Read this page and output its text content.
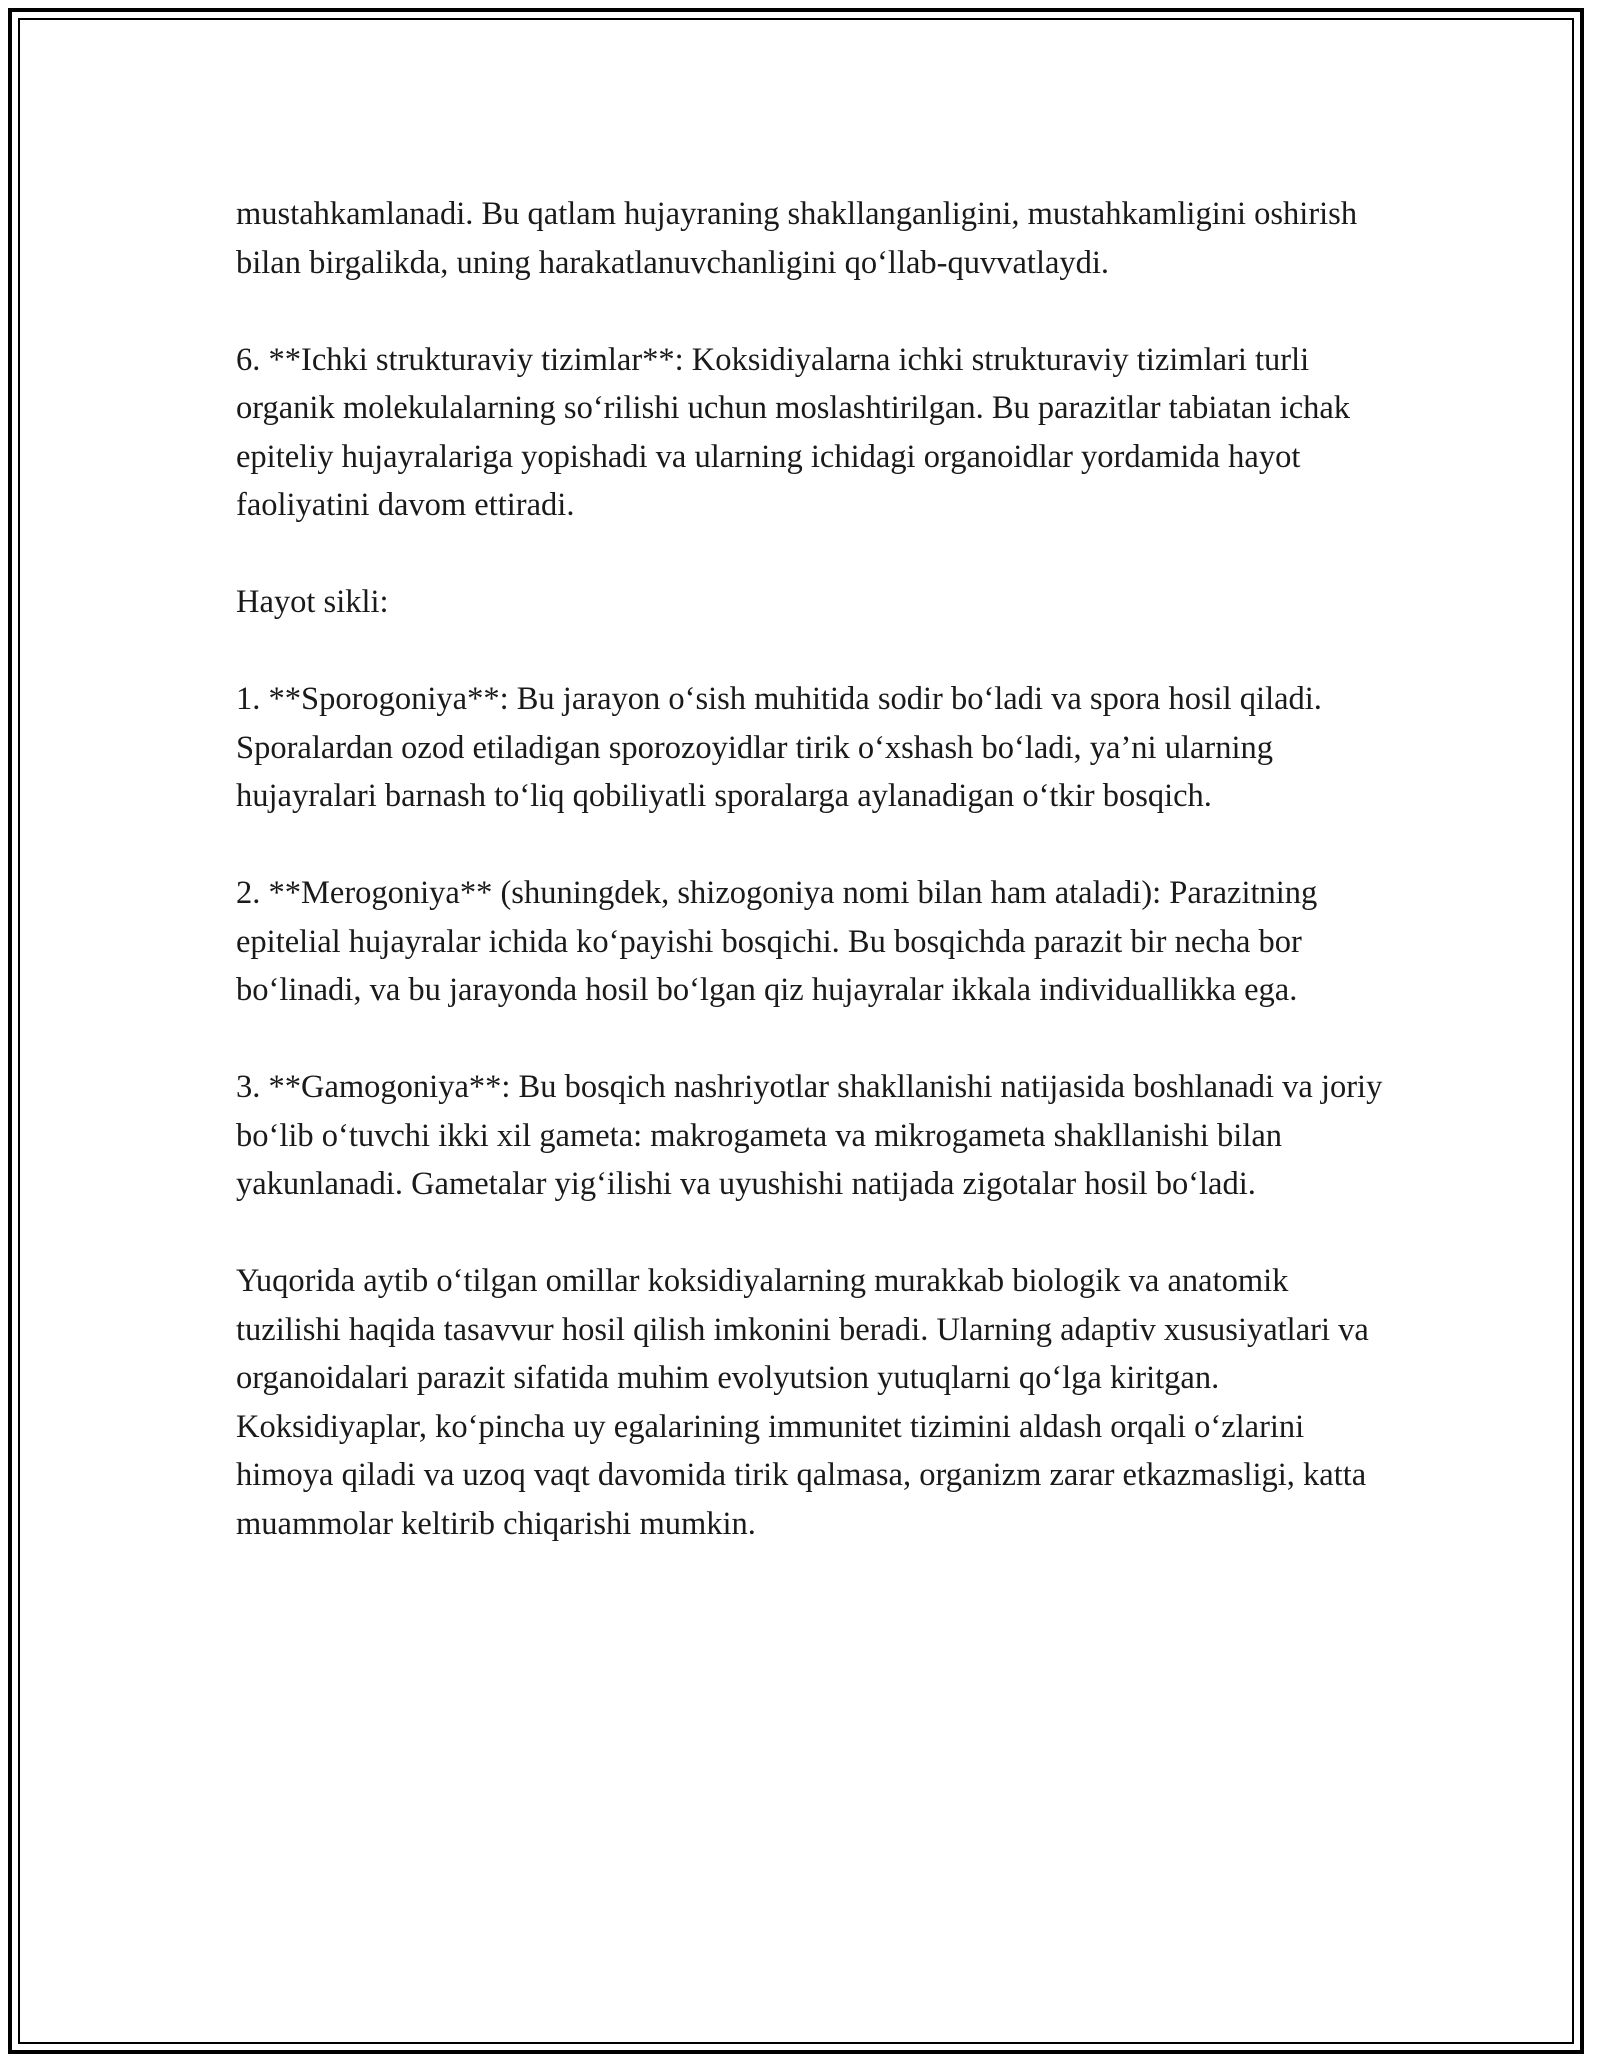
mustahkamlanadi. Bu qatlam hujayraning shakllanganligini, mustahkamligini oshirish bilan birgalikda, uning harakatlanuvchanligini qo‘llab-quvvatlaydi.

6. **Ichki strukturaviy tizimlar**: Koksidiyalarna ichki strukturaviy tizimlari turli organik molekulalarning so‘rilishi uchun moslashtirilgan. Bu parazitlar tabiatan ichak epiteliy hujayralariga yopishadi va ularning ichidagi organoidlar yordamida hayot faoliyatini davom ettiradi.

Hayot sikli:

1. **Sporogoniya**: Bu jarayon o‘sish muhitida sodir bo‘ladi va spora hosil qiladi. Sporalardan ozod etiladigan sporozoyidlar tirik o‘xshash bo‘ladi, ya’ni ularning hujayralari barnash to‘liq qobiliyatli sporalarga aylanadigan o‘tkir bosqich.

2. **Merogoniya** (shuningdek, shizogoniya nomi bilan ham ataladi): Parazitning epitelial hujayralar ichida ko‘payishi bosqichi. Bu bosqichda parazit bir necha bor bo‘linadi, va bu jarayonda hosil bo‘lgan qiz hujayralar ikkala individuallikka ega.

3. **Gamogoniya**: Bu bosqich nashriyotlar shakllanishi natijasida boshlanadi va joriy bo‘lib o‘tuvchi ikki xil gameta: makrogameta va mikrogameta shakllanishi bilan yakunlanadi. Gametalar yig‘ilishi va uyushishi natijada zigotalar hosil bo‘ladi.

Yuqorida aytib o‘tilgan omillar koksidiyalarning murakkab biologik va anatomik tuzilishi haqida tasavvur hosil qilish imkonini beradi. Ularning adaptiv xususiyatlari va organoidalari parazit sifatida muhim evolyutsion yutuqlarni qo‘lga kiritgan. Koksidiyaplar, ko‘pincha uy egalarining immunitet tizimini aldash orqali o‘zlarini himoya qiladi va uzoq vaqt davomida tirik qalmasa, organizm zarar etkazmasligi, katta muammolar keltirib chiqarishi mumkin.
